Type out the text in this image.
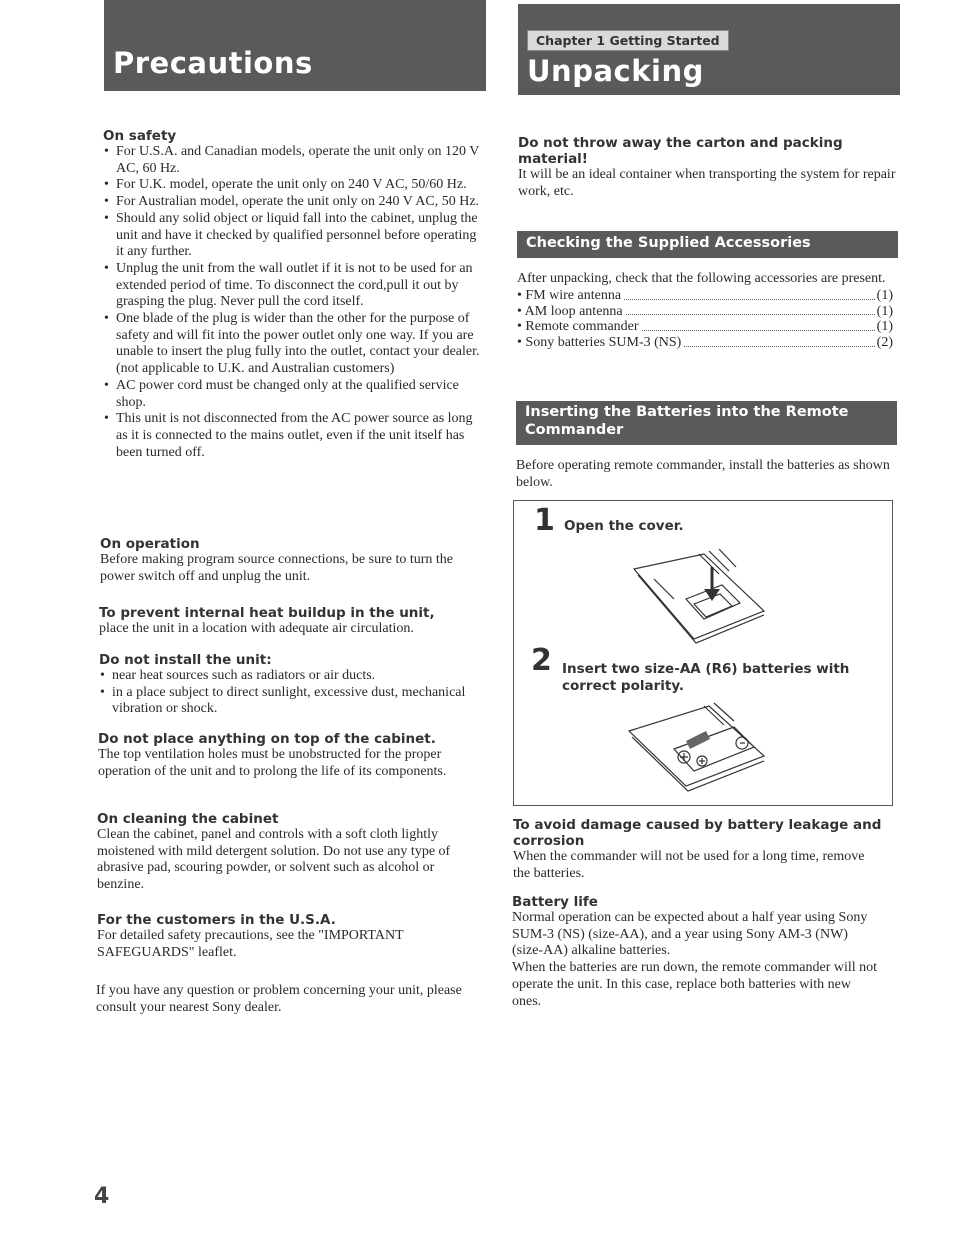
Precautions
Chapter 1 Getting Started
Unpacking
On safety
• For U.S.A. and Canadian models, operate the unit only on 120 V AC, 60 Hz.
• For U.K. model, operate the unit only on 240 V AC, 50/60 Hz.
• For Australian model, operate the unit only on 240 V AC, 50 Hz.
• Should any solid object or liquid fall into the cabinet, unplug the unit and have it checked by qualified personnel before operating it any further.
• Unplug the unit from the wall outlet if it is not to be used for an extended period of time. To disconnect the cord,pull it out by grasping the plug. Never pull the cord itself.
• One blade of the plug is wider than the other for the purpose of safety and will fit into the power outlet only one way. If you are unable to insert the plug fully into the outlet, contact your dealer. (not applicable to U.K. and Australian customers)
• AC power cord must be changed only at the qualified service shop.
• This unit is not disconnected from the AC power source as long as it is connected to the mains outlet, even if the unit itself has been turned off.
On operation

Before making program source connections, be sure to turn the power switch off and unplug the unit.

To prevent internal heat buildup in the unit,

place the unit in a location with adequate air circulation.

Do not install the unit:
• near heat sources such as radiators or air ducts.
• in a place subject to direct sunlight, excessive dust, mechanical vibration or shock.
Do not place anything on top of the cabinet.

The top ventilation holes must be unobstructed for the proper operation of the unit and to prolong the life of its components.

On cleaning the cabinet

Clean the cabinet, panel and controls with a soft cloth lightly moistened with mild detergent solution. Do not use any type of abrasive pad, scouring powder, or solvent such as alcohol or benzine.

For the customers in the U.S.A.

For detailed safety precautions, see the "IMPORTANT SAFEGUARDS" leaflet.

If you have any question or problem concerning your unit, please consult your nearest Sony dealer.

Do not throw away the carton and packing material!

It will be an ideal container when transporting the system for repair work, etc.

Checking the Supplied Accessories

After unpacking, check that the following accessories are present.

• FM wire antenna	(1)
• AM loop antenna	(1)
• Remote commander	(1)
• Sony batteries SUM-3 (NS)	(2)
Inserting the Batteries into the Remote Commander

Before operating remote commander, install the batteries as shown below.

1 Open the cover.
2 Insert two size-AA (R6) batteries with correct polarity.
To avoid damage caused by battery leakage and corrosion

When the commander will not be used for a long time, remove the batteries.

Battery life

Normal operation can be expected about a half year using Sony SUM-3 (NS) (size-AA), and a year using Sony AM-3 (NW) (size-AA) alkaline batteries.

When the batteries are run down, the remote commander will not operate the unit. In this case, replace both batteries with new ones.

4
